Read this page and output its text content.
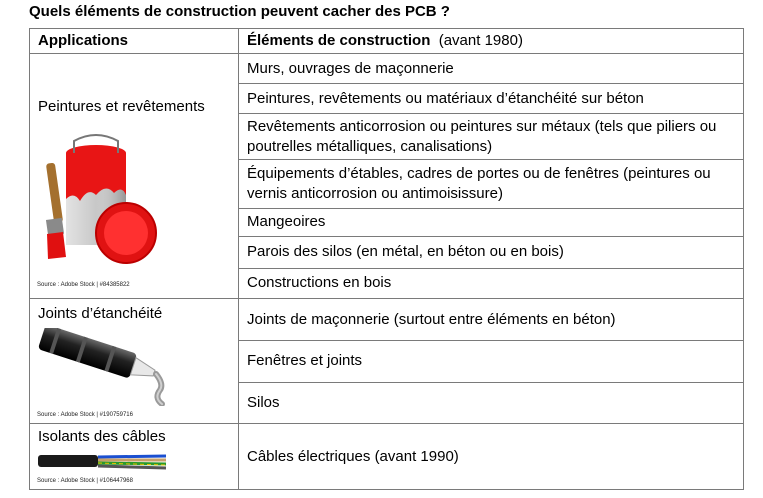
Quels éléments de construction peuvent cacher des PCB ?
Applications	Éléments de construction (avant 1980)

Peintures et revêtements
Source : Adobe Stock | #84385822	Murs, ouvrages de maçonnerie
	Peintures, revêtements ou matériaux d’étanchéité sur béton
	Revêtements anticorrosion ou peintures sur métaux (tels que piliers ou poutrelles métalliques, canalisations)
	Équipements d’étables, cadres de portes ou de fenêtres (peintures ou vernis anticorrosion ou antimoisissure)
	Mangeoires
	Parois des silos (en métal, en béton ou en bois)
	Constructions en bois

Joints d’étanchéité
Source : Adobe Stock | #190759716	Joints de maçonnerie (surtout entre éléments en béton)
	Fenêtres et joints
	Silos

Isolants des câbles
Source : Adobe Stock | #106447968	Câbles électriques (avant 1990)
